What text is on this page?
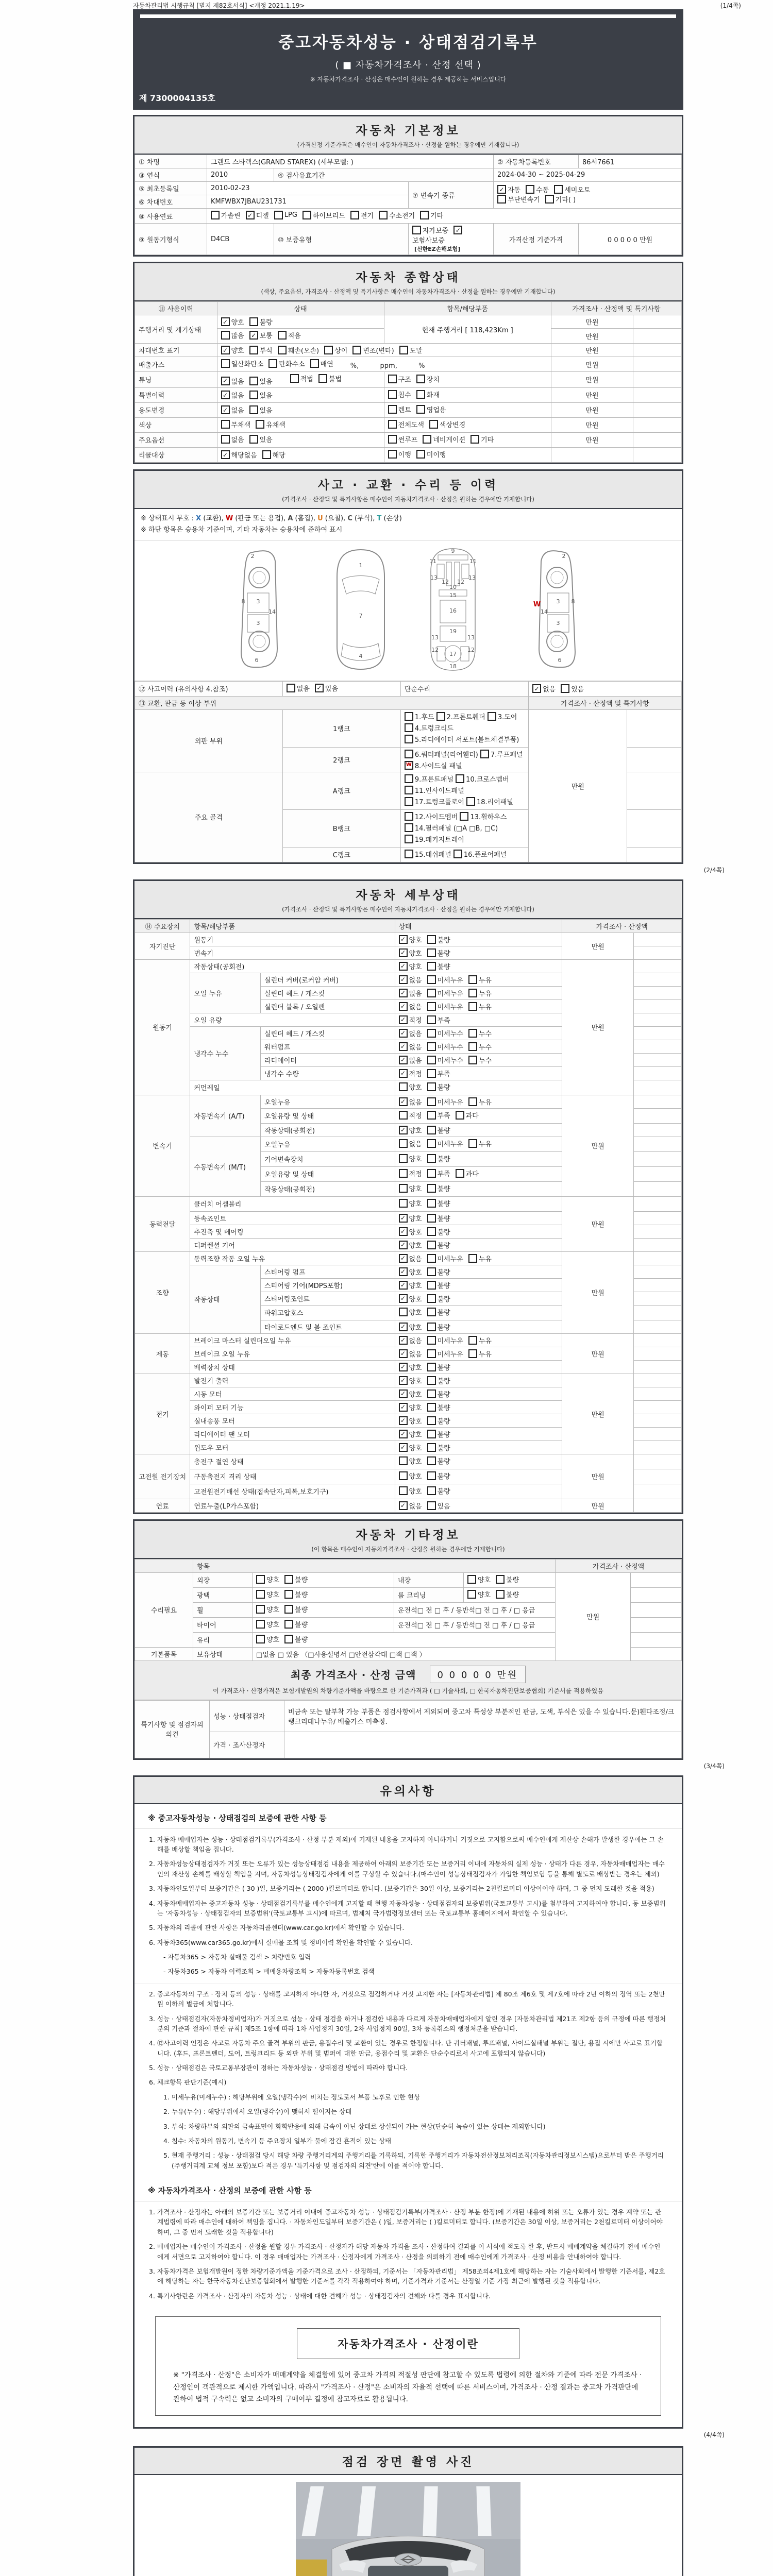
자동차관리법 시행규칙 [별지 제82호서식] <개정 2021.1.19>	(1/4쪽)
중고자동차성능 · 상태점검기록부
( ■ 자동차가격조사 · 산정 선택 )
※ 자동차가격조사 · 산정은 매수인이 원하는 경우 제공하는 서비스입니다
제 7300004135호
자동차 기본정보
(가격산정 기준가격은 매수인이 자동차가격조사 · 산정을 원하는 경우에만 기재합니다)
① 차명	그랜드 스타렉스(GRAND STAREX) (세부모델: )			② 자동차등록번호	86서7661
③ 연식	2010	④ 검사유효기간		2024-04-30 ~ 2025-04-29	
⑤ 최초등록일	2010-02-23	⑦ 변속기 종류	
✓ 자동 수동 세미오토
무단변속기 기타( )

⑥ 차대번호	KMFWBX7JBAU231731				
⑧ 사용연료	가솔린 ✓ 디젤 LPG 하이브리드 전기 수소전기 기타

⑨ 원동기형식	D4CB	⑩ 보증유형	자가보증 ✓
보험사보증
[신한EZ손해보험]	가격산정 기준가격	0 0 0 0 0 만원
자동차 종합상태
(색상, 주요옵션, 가격조사 · 산정액 및 특기사항은 매수인이 자동차가격조사 · 산정을 원하는 경우에만 기재합니다)
⑪ 사용이력	상태	항목/해당부품	가격조사 · 산정액 및 특기사항	
주행거리 및 계기상태	✓ 양호 불량	현재 주행거리 [ 118,423Km ]	만원	

	많음 ✓ 보통 적음		만원	
차대번호 표기	✓ 양호 부식 훼손(오손) 상이 변조(변타) 도말	만원	
배출가스	일산화탄소 탄화수소 매연 %,          ppm,          %		만원	
튜닝	✓ 없음 있음 적법 불법	구조 장치	만원	
특별이력	✓ 없음 있음	침수 화재	만원	
용도변경	✓ 없음 있음	렌트 영업용	만원	
색상	무채색 유채색	전체도색 색상변경	만원	
주요옵션	없음 있음	썬루프 네비게이션 기타	만원	
리콜대상	✓ 해당없음 해당	이행 미이행		

사고 · 교환 · 수리 등 이력
(가격조사 · 산정액 및 특기사항은 매수인이 자동차가격조사 · 산정을 원하는 경우에만 기재합니다)
※ 상태표시 부호 : X (교환), W (판금 또는 용접), A (흠집), U (요철), C (부식), T (손상)
※ 하단 항목은 승용차 기준이며, 기타 자동차는 승용차에 준하여 표시
2
8 3
14
3
6
1
7
4
9
11	11
13
12 12
13
10
15
16
19
13	13
12	12
17
18
2
8
3
14
3
6
W
⑫ 사고이력 (유의사항 4.참조)	없음 ✓ 있음	단순수리	✓ 없음 있음	

⑬ 교환, 판금 등 이상 부위			가격조사 · 산정액 및 특기사항	
외판 부위	1랭크	1.후드
2.프론트휀더
3.도어

4.트렁크리드

5.라디에이터 서포트(볼트체결부품)	만원	
	2랭크	6.쿼터패널(리어휀더)
7.루프패널

W 8.사이드실 패널		

주요 골격	A랭크	9.프론트패널
10.크로스멤버

11.인사이드패널

17.트렁크플로어
18.리어패널		

	B랭크	12.사이드멤버
13.휠하우스

14.필러패널 (□A □B, □C)

19.패키지트레이		

	C랭크	15.대쉬패널
16.플로어패널		

(2/4쪽)
자동차 세부상태
(가격조사 · 산정액 및 특기사항은 매수인이 자동차가격조사 · 산정을 원하는 경우에만 기재합니다)
⑭ 주요장치	항목/해당부품		상태	가격조사 · 산정액	
자기진단	원동기		✓ 양호 불량	만원	
	변속기		✓ 양호 불량		

원동기	작동상태(공회전)		✓ 양호 불량	만원	
	오일 누유	실린더 커버(로커암 커버)	✓ 없음 미세누유 누유		

		실린더 헤드 / 개스킷	✓ 없음 미세누유 누유		

		실린더 블록 / 오일팬	✓ 없음 미세누유 누유		

	오일 유량		✓ 적정 부족		

	냉각수 누수	실린더 헤드 / 개스킷	✓ 없음 미세누수 누수		

		워터펌프	✓ 없음 미세누수 누수		

		라디에이터	✓ 없음 미세누수 누수		

		냉각수 수량	✓ 적정 부족		

	커먼레일		양호 불량		

변속기	자동변속기 (A/T)	오일누유	✓ 없음 미세누유 누유	만원	
		오일유량 및 상태	적정 부족 과다		

		작동상태(공회전)	✓ 양호 불량		

	수동변속기 (M/T)	오일누유	없음 미세누유 누유		

		기어변속장치	양호 불량		

		오일유량 및 상태	적정 부족 과다		

		작동상태(공회전)	양호 불량		

동력전달	클러치 어셈블리		양호 불량	만원	
	등속죠인트		✓ 양호 불량		

	추진축 및 베어링		✓ 양호 불량		

	디퍼렌셜 기어		✓ 양호 불량		

조향	동력조향 작동 오일 누유		✓ 없음 미세누유 누유	만원	
	작동상태	스티어링 펌프	✓ 양호 불량		

		스티어링 기어(MDPS포함)	✓ 양호 불량		

		스티어링조인트	✓ 양호 불량		

		파워고압호스	양호 불량		

		타이로드엔드 및 볼 조인트	✓ 양호 불량		

제동	브레이크 마스터 실린더오일 누유		✓ 없음 미세누유 누유	만원	
	브레이크 오일 누유		✓ 없음 미세누유 누유		

	배력장치 상태		✓ 양호 불량		

전기	발전기 출력		✓ 양호 불량	만원	
	시동 모터		✓ 양호 불량		

	와이퍼 모터 기능		✓ 양호 불량		

	실내송풍 모터		✓ 양호 불량		

	라디에이터 팬 모터		✓ 양호 불량		

	윈도우 모터		✓ 양호 불량		

고전원 전기장치	충전구 절연 상태		양호 불량	만원	
	구동축전지 격리 상태		양호 불량		

	고전원전기배선 상태(접속단자,피복,보호기구)		양호 불량		

연료	연료누출(LP가스포함)		✓ 없음 있음	만원	
자동차 기타정보
(이 항목은 매수인이 자동차가격조사 · 산정을 원하는 경우에만 기재합니다)
	항목				가격조사 · 산정액	
수리필요	외장	양호 불량	내장	양호 불량	만원	
	광택	양호 불량	룸 크리닝	양호 불량		

	휠	양호 불량	운전석□ 전 □ 후 / 동반석□ 전 □ 후 / □ 응급			
	타이어	양호 불량	운전석□ 전 □ 후 / 동반석□ 전 □ 후 / □ 응급			
	유리	양호 불량				

기본품목	보유상태	□없음 □ 있음 （□사용설명서 □안전삼각대 □잭 □잭 ）				
최종 가격조사 · 산정 금액	0 0 0 0 0 만원
이 가격조사 · 산정가격은 보험개발원의 차량기준가액을 바탕으로 한 기준가격과 ( □ 기술사회, □ 한국자동차진단보증협회) 기준서를 적용하였음
특기사항 및 점검자의 의견	성능 · 상태점검자	비금속 또는 탈부착 가능 부품은 점검사항에서 제외되며 중고차 특성상 부분적인 판금, 도색, 부식은 있을 수 있습니다.문)휀다조정/크랭크리데나누유/ 배출가스 미측정.
	가격 · 조사산정자	
(3/4쪽)
유의사항
※ 중고자동차성능 · 상태점검의 보증에 관한 사항 등
1. 자동차 매매업자는 성능 · 상태점검기록부(가격조사 · 산정 부분 제외)에 기재된 내용을 고지하지 아니하거나 거짓으로 고지함으로써 매수인에게 재산상 손해가 발생한 경우에는 그 손해를 배상할 책임을 집니다.
2. 자동차성능상태점검자가 거짓 또는 오류가 있는 성능상태점검 내용을 제공하여 아래의 보증기간 또는 보증거리 이내에 자동차의 실제 성능 · 상태가 다른 경우, 자동차매매업자는 매수인의 재산상 손해를 배상할 책임을 지며, 자동차성능상태점검자에게 이를 구상할 수 있습니다.(매수인이 성능상태점검자가 가입한 책임보험 등을 통해 별도로 배상받는 경우는 제외)
3. 자동차인도일부터 보증기간은 ( 30 )일, 보증거리는 ( 2000 )킬로미터로 합니다. (보증기간은 30일 이상, 보증거리는 2천킬로미터 이상이어야 하며, 그 중 먼저 도래한 것을 적용)
4. 자동차매매업자는 중고자동차 성능 · 상태점검기록부를 매수인에게 고지할 때 현행 자동차성능 · 상태점검자의 보증범위(국토교통부 고시)를 첨부하여 고지하여야 합니다. 동 보증범위는 '자동차성능 · 상태점검자의 보증범위'(국토교통부 고시)에 따르며, 법제처 국가법령정보센터 또는 국토교통부 홈페이지에서 확인할 수 있습니다.
5. 자동차의 리콜에 관한 사항은 자동차리콜센터(www.car.go.kr)에서 확인할 수 있습니다.
6. 자동차365(www.car365.go.kr)에서 실매물 조회 및 정비이력 확인을 확인할 수 있습니다.
- 자동차365 > 자동차 실매물 검색 > 차량번호 입력
- 자동차365 > 자동차 이력조회 > 매매용차량조회 > 자동차등록번호 검색
2. 중고자동차의 구조 · 장치 등의 성능 · 상태를 고지하지 아니한 자, 거짓으로 점검하거나 거짓 고지한 자는 [자동차관리법] 제 80조 제6호 및 제7호에 따라 2년 이하의 징역 또는 2천만원 이하의 벌금에 처합니다.
3. 성능 · 상태점검자(자동차정비업자)가 거짓으로 성능 · 상태 점검을 하거나 점검한 내용과 다르게 자동차매매업자에게 알린 경우 [자동차관리법 제21조 제2항 등의 규정에 따른 행정처분의 기준과 절차에 관한 규칙] 제5조 1항에 따라 1차 사업정지 30일, 2차 사업정지 90일, 3차 등록취소의 행정처분을 받습니다.
4. ⑫사고이력 인정은 사고로 자동차 주요 골격 부위의 판금, 용접수리 및 교환이 있는 경우로 한정합니다. 단 쿼터패널, 루프패널, 사이드실패널 부위는 절단, 용접 시에만 사고로 표기합니다. (후드, 프론트펜더, 도어, 트렁크리드 등 외판 부위 및 범퍼에 대한 판금, 용접수리 및 교환은 단순수리로서 사고에 포함되지 않습니다)
5. 성능 · 상태점검은 국토교통부장관이 정하는 자동차성능 · 상태점검 방법에 따라야 합니다.
6. 체크항목 판단기준(예시)
1. 미세누유(미세누수) : 해당부위에 오일(냉각수)이 비치는 정도로서 부품 노후로 인한 현상
2. 누유(누수) : 해당부위에서 오일(냉각수)이 맺혀서 떨어지는 상태
3. 부식: 차량하부와 외판의 금속표면이 화학반응에 의해 금속이 아닌 상태로 상실되어 가는 현상(단순히 녹슬어 있는 상태는 제외합니다)
4. 침수: 자동차의 원동기, 변속기 등 주요장치 일부가 물에 잠긴 흔적이 있는 상태
5. 현재 주행거리 : 성능 · 상태점검 당시 해당 차량 주행거리계의 주행거리를 기록하되, 기록한 주행거리가 자동차전산정보처리조직(자동차관리정보시스템)으로부터 받은 주행거리(주행거리계 교체 정보 포함)보다 적은 경우 '특기사항 및 점검자의 의견'란에 이를 적어야 합니다.
※ 자동차가격조사 · 산정의 보증에 관한 사항 등
1. 가격조사 · 산정자는 아래의 보증기간 또는 보증거리 이내에 중고자동차 성능 · 상태점검기록부(가격조사 · 산정 부분 한정)에 기재된 내용에 허위 또는 오류가 있는 경우 계약 또는 관계법령에 따라 매수인에 대하여 책임을 집니다. · 자동차인도일부터 보증기간은 ( )일, 보증거리는 ( )킬로미터로 합니다. (보증기간은 30일 이상, 보증거리는 2천킬로미터 이상이어야 하며, 그 중 먼저 도래한 것을 적용합니다)
2. 매매업자는 매수인이 가격조사 · 산정을 원할 경우 가격조사 · 산정자가 해당 자동차 가격을 조사 · 산정하여 결과를 이 서식에 적도록 한 후, 반드시 매매계약을 체결하기 전에 매수인에게 서면으로 고지하여야 합니다. 이 경우 매매업자는 가격조사 · 산정자에게 가격조사 · 산정을 의뢰하기 전에 매수인에게 가격조사 · 산정 비용을 안내하여야 합니다.
3. 자동차가격은 보험개발원이 정한 차량기준가액을 기준가격으로 조사 · 산정하되, 기준서는 「자동차관리법」 제58조의4제1호에 해당하는 자는 기술사회에서 발행한 기준서를, 제2호에 해당하는 자는 한국자동차진단보증협회에서 발행한 기준서를 각각 적용하여야 하며, 기준가격과 기준서는 산정일 기준 가장 최근에 발행된 것을 적용합니다.
4. 특기사항란은 가격조사 · 산정자의 자동차 성능 · 상태에 대한 견해가 성능 · 상태점검자의 견해와 다를 경우 표시합니다.
자동차가격조사 · 산정이란
※ "가격조사 · 산정"은 소비자가 매매계약을 체결함에 있어 중고차 가격의 적절성 판단에 참고할 수 있도록 법령에 의한 절차와 기준에 따라 전문 가격조사 · 산정인이 객관적으로 제시한 가액입니다. 따라서 "가격조사 · 산정"은 소비자의 자율적 선택에 따른 서비스이며, 가격조사 · 산정 결과는 중고차 가격판단에 관하여 법적 구속력은 없고 소비자의 구매여부 결정에 참고자료로 활용됩니다.
(4/4쪽)
점검 장면 촬영 사진
